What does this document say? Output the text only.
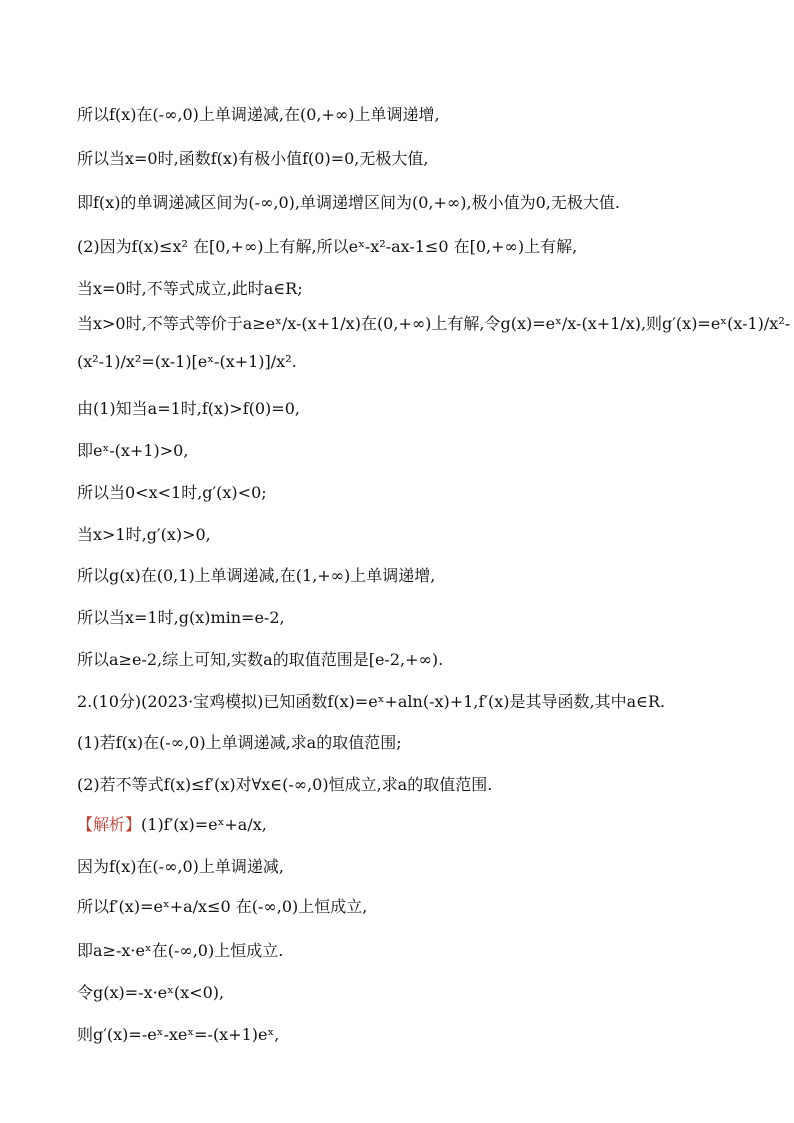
所以f(x)在(-∞,0)上单调递减,在(0,+∞)上单调递增,
所以当x=0时,函数f(x)有极小值f(0)=0,无极大值,
即f(x)的单调递减区间为(-∞,0),单调递增区间为(0,+∞),极小值为0,无极大值.
(2)因为f(x)≤x² 在[0,+∞)上有解,所以eˣ-x²-ax-1≤0 在[0,+∞)上有解,
当x=0时,不等式成立,此时a∈R;
当x>0时,不等式等价于a≥eˣ/x-(x+1/x)在(0,+∞)上有解,令g(x)=eˣ/x-(x+1/x),则g′(x)=eˣ(x-1)/x²-
(x²-1)/x²=(x-1)[eˣ-(x+1)]/x².
由(1)知当a=1时,f(x)>f(0)=0,
即eˣ-(x+1)>0,
所以当0<x<1时,g′(x)<0;
当x>1时,g′(x)>0,
所以g(x)在(0,1)上单调递减,在(1,+∞)上单调递增,
所以当x=1时,g(x)min=e-2,
所以a≥e-2,综上可知,实数a的取值范围是[e-2,+∞).
2.(10分)(2023·宝鸡模拟)已知函数f(x)=eˣ+aln(-x)+1,f′(x)是其导函数,其中a∈R.
(1)若f(x)在(-∞,0)上单调递减,求a的取值范围;
(2)若不等式f(x)≤f′(x)对∀x∈(-∞,0)恒成立,求a的取值范围.
【解析】(1)f′(x)=eˣ+a/x,
因为f(x)在(-∞,0)上单调递减,
所以f′(x)=eˣ+a/x≤0 在(-∞,0)上恒成立,
即a≥-x·eˣ在(-∞,0)上恒成立.
令g(x)=-x·eˣ(x<0),
则g′(x)=-eˣ-xeˣ=-(x+1)eˣ,
